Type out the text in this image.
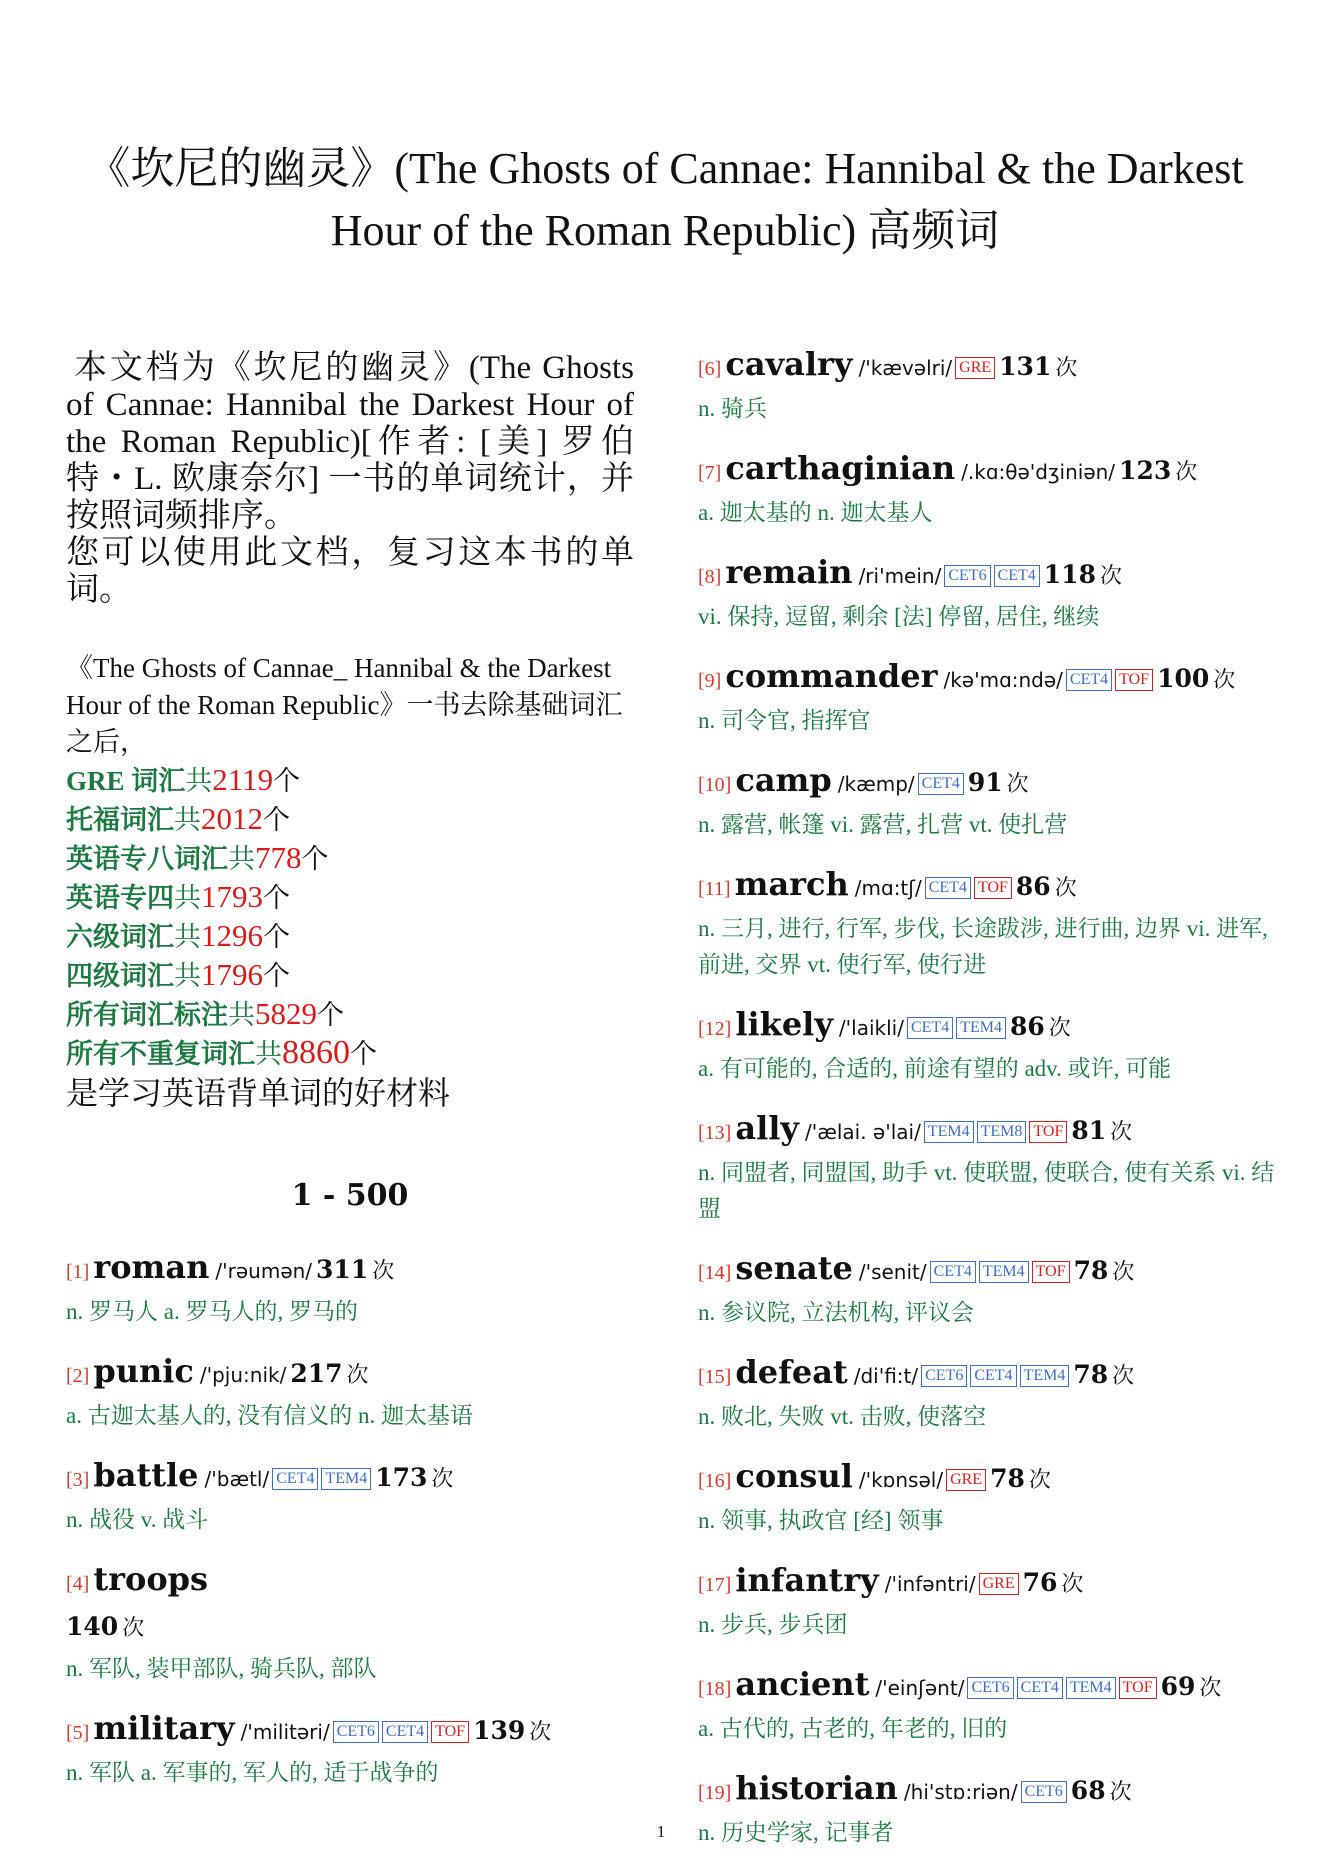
《坎尼的幽灵》(The Ghosts of Cannae: Hannibal & the Darkest
Hour of the Roman Republic) 高频词
本文档为《坎尼的幽灵》(The Ghosts of Cannae: Hannibal the Darkest Hour of the Roman Republic)[作者: [美] 罗伯特・L. 欧康奈尔] 一书的单词统计，并按照词频排序。
您可以使用此文档，复习这本书的单词。
《The Ghosts of Cannae_ Hannibal & the Darkest Hour of the Roman Republic》一书去除基础词汇之后，
GRE 词汇共2119个
托福词汇共2012个
英语专八词汇共778个
英语专四共1793个
六级词汇共1296个
四级词汇共1796个
所有词汇标注共5829个
所有不重复词汇共8860个
是学习英语背单词的好材料
1 - 500
[1] roman /'rəumən/ 311 次
n. 罗马人 a. 罗马人的, 罗马的
[2] punic /'pju:nik/ 217 次
a. 古迦太基人的, 没有信义的 n. 迦太基语
[3] battle /'bætl/ CET4 TEM4 173 次
n. 战役 v. 战斗
[4] troops
140 次
n. 军队, 装甲部队, 骑兵队, 部队
[5] military /'militəri/ CET6 CET4 TOF 139 次
n. 军队 a. 军事的, 军人的, 适于战争的
[6] cavalry /'kævəlri/ GRE 131 次
n. 骑兵
[7] carthaginian /.kɑ:θə'dʒiniən/ 123 次
a. 迦太基的 n. 迦太基人
[8] remain /ri'mein/ CET6 CET4 118 次
vi. 保持, 逗留, 剩余 [法] 停留, 居住, 继续
[9] commander /kə'mɑ:ndə/ CET4 TOF 100 次
n. 司令官, 指挥官
[10] camp /kæmp/ CET4 91 次
n. 露营, 帐篷 vi. 露营, 扎营 vt. 使扎营
[11] march /mɑ:tʃ/ CET4 TOF 86 次
n. 三月, 进行, 行军, 步伐, 长途跋涉, 进行曲, 边界 vi. 进军, 前进, 交界 vt. 使行军, 使行进
[12] likely /'laikli/ CET4 TEM4 86 次
a. 有可能的, 合适的, 前途有望的 adv. 或许, 可能
[13] ally /'ælai. ə'lai/ TEM4 TEM8 TOF 81 次
n. 同盟者, 同盟国, 助手 vt. 使联盟, 使联合, 使有关系 vi. 结盟
[14] senate /'senit/ CET4 TEM4 TOF 78 次
n. 参议院, 立法机构, 评议会
[15] defeat /di'fi:t/ CET6 CET4 TEM4 78 次
n. 败北, 失败 vt. 击败, 使落空
[16] consul /'kɒnsəl/ GRE 78 次
n. 领事, 执政官 [经] 领事
[17] infantry /'infəntri/ GRE 76 次
n. 步兵, 步兵团
[18] ancient /'einʃənt/ CET6 CET4 TEM4 TOF 69 次
a. 古代的, 古老的, 年老的, 旧的
[19] historian /hi'stɒ:riən/ CET6 68 次
n. 历史学家, 记事者
1
